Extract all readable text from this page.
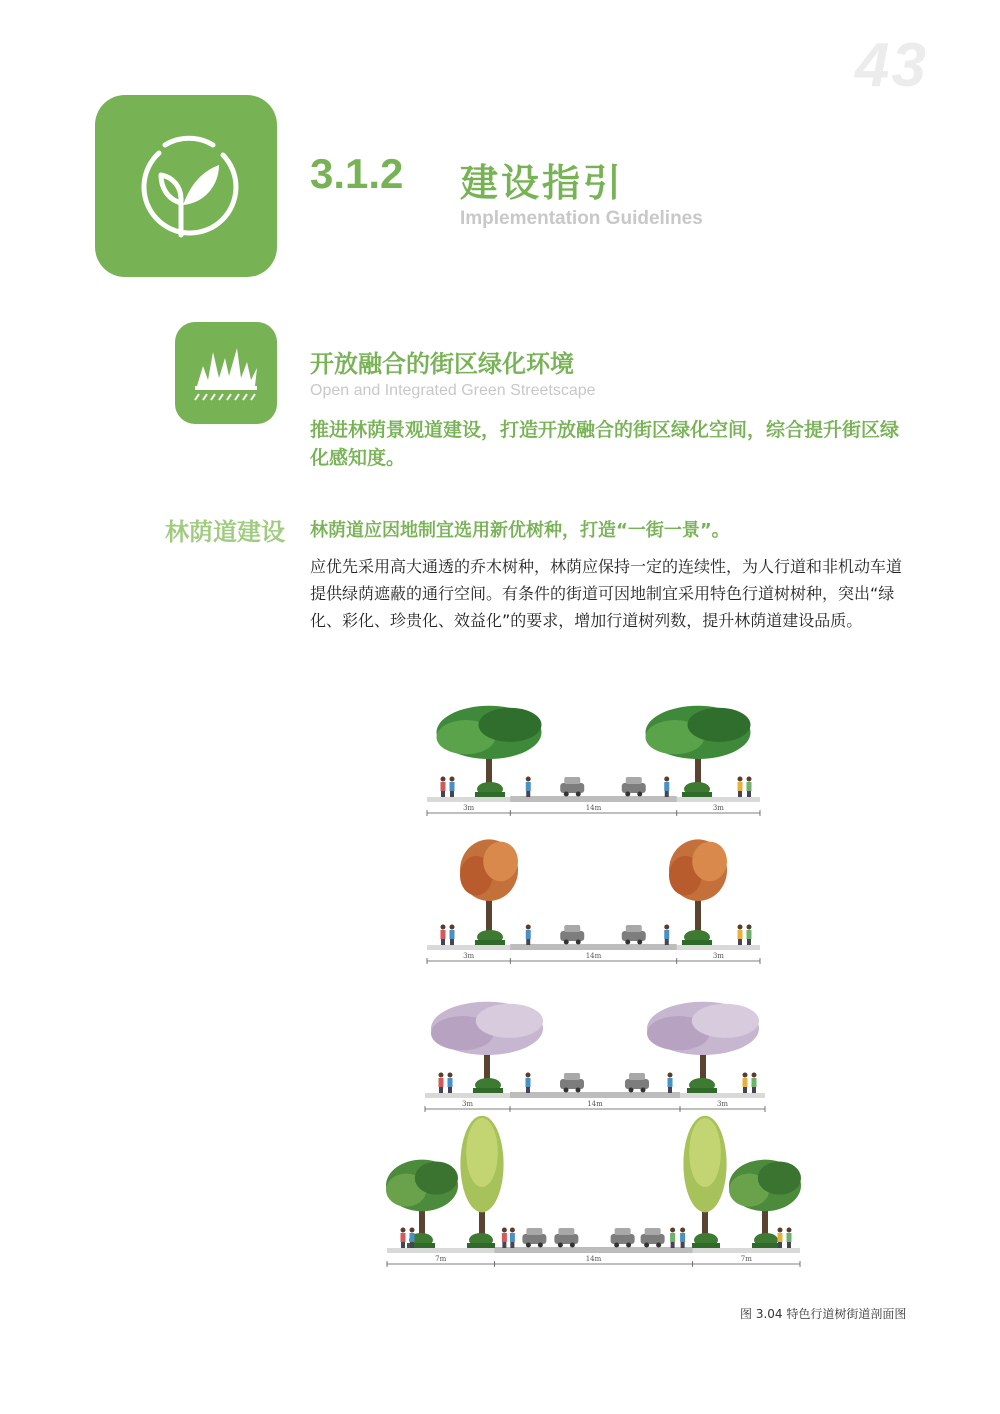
43
3.1.2 建设指引
Implementation Guidelines
开放融合的街区绿化环境
Open and Integrated Green Streetscape
推进林荫景观道建设，打造开放融合的街区绿化空间，综合提升街区绿化感知度。
林荫道建设 林荫道应因地制宜选用新优树种，打造“一街一景”。
应优先采用高大通透的乔木树种，林荫应保持一定的连续性，为人行道和非机动车道提供绿荫遮蔽的通行空间。有条件的街道可因地制宜采用特色行道树树种，突出“绿化、彩化、珍贵化、效益化”的要求，增加行道树列数，提升林荫道建设品质。
3m	14m	3m
3m	14m	3m
3m	14m	3m
7m	14m	7m
图 3.04 特色行道树街道剖面图
